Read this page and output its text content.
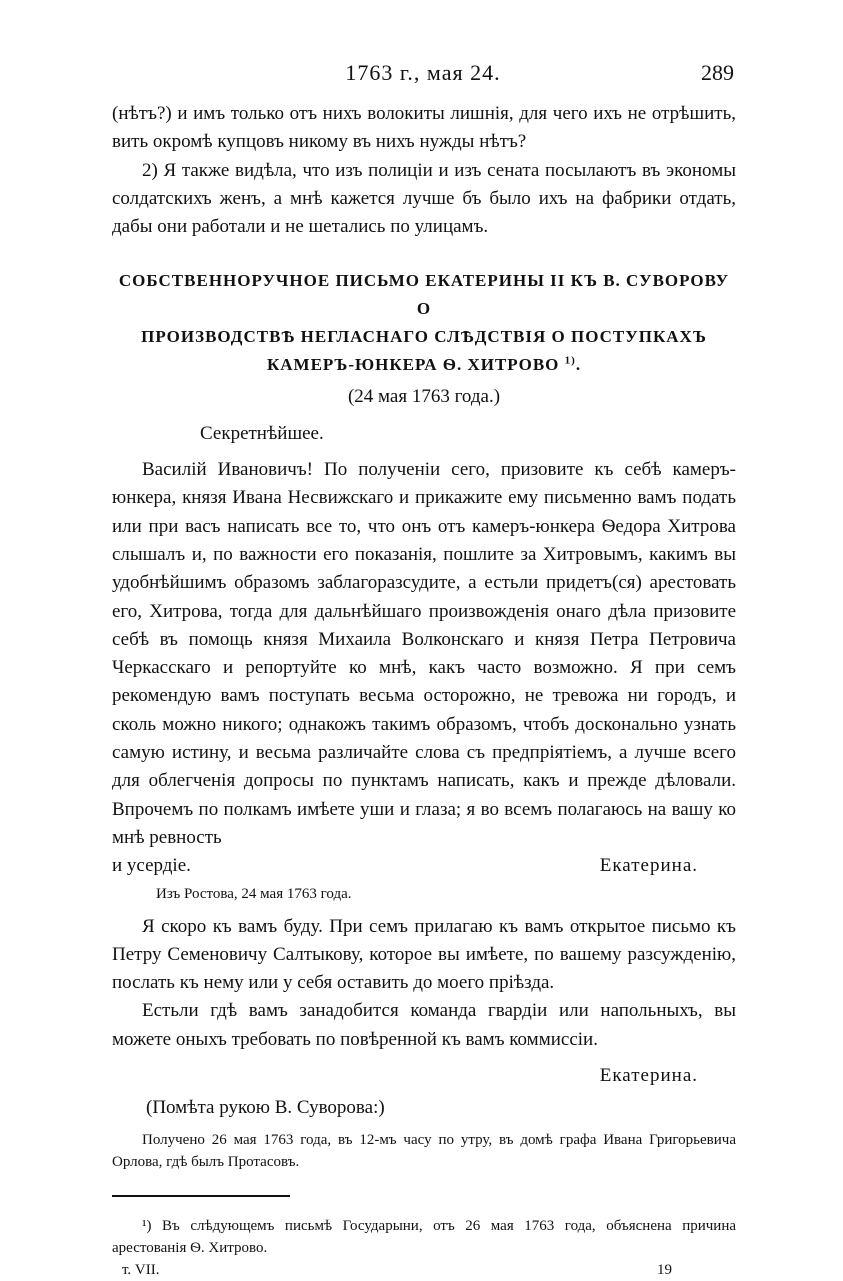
1763 г., мая 24.	289

(нѣтъ?) и имъ только отъ нихъ волокиты лишнія, для чего ихъ не отрѣшить, вить окромѣ купцовъ никому въ нихъ нужды нѣтъ?

2) Я также видѣла, что изъ полиціи и изъ сената посылаютъ въ экономы солдатскихъ женъ, а мнѣ кажется лучше бъ было ихъ на фабрики отдать, дабы они работали и не шетались по улицамъ.

СОБСТВЕННОРУЧНОЕ ПИСЬМО ЕКАТЕРИНЫ II КЪ В. СУВОРОВУ О
ПРОИЗВОДСТВѢ НЕГЛАСНАГО СЛѢДСТВІЯ О ПОСТУПКАХЪ
КАМЕРЪ-ЮНКЕРА Ѳ. ХИТРОВО $^{1)}$.
(24 мая 1763 года.)
Секретнѣйшее.

Василій Ивановичъ! По полученіи сего, призовите къ себѣ камеръ-юнкера, князя Ивана Несвижскаго и прикажите ему письменно вамъ подать или при васъ написать все то, что онъ отъ камеръ-юнкера Ѳедора Хитрова слышалъ и, по важности его показанія, пошлите за Хитровымъ, какимъ вы удобнѣйшимъ образомъ заблагоразсудите, а естьли придетъ(ся) арестовать его, Хитрова, тогда для дальнѣйшаго произвожденія онаго дѣла призовите себѣ въ помощь князя Михаила Волконскаго и князя Петра Петровича Черкасскаго и репортуйте ко мнѣ, какъ часто возможно. Я при семъ рекомендую вамъ поступать весьма осторожно, не тревожа ни городъ, и сколь можно никого; однакожъ такимъ образомъ, чтобъ досконально узнать самую истину, и весьма различайте слова съ предпріятіемъ, а лучше всего для облегченія допросы по пунктамъ написать, какъ и прежде дѣловали. Впрочемъ по полкамъ имѣете уши и глаза; я во всемъ полагаюсь на вашу ко мнѣ ревность

и усердіе.	Екатерина.
Изъ Ростова, 24 мая 1763 года.

Я скоро къ вамъ буду. При семъ прилагаю къ вамъ открытое письмо къ Петру Семеновичу Салтыкову, которое вы имѣете, по вашему разсужденію, послать къ нему или у себя оставить до моего пріѣзда.

Естьли гдѣ вамъ занадобится команда гвардіи или напольныхъ, вы можете оныхъ требовать по повѣренной къ вамъ коммиссіи.

Екатерина.
(Помѣта рукою В. Суворова:)

Получено 26 мая 1763 года, въ 12-мъ часу по утру, въ домѣ графа Ивана Григорьевича Орлова, гдѣ былъ Протасовъ.

¹) Въ слѣдующемъ письмѣ Государыни, отъ 26 мая 1763 года, объяснена причина арестованія Ѳ. Хитрово.

т. VII.	19
